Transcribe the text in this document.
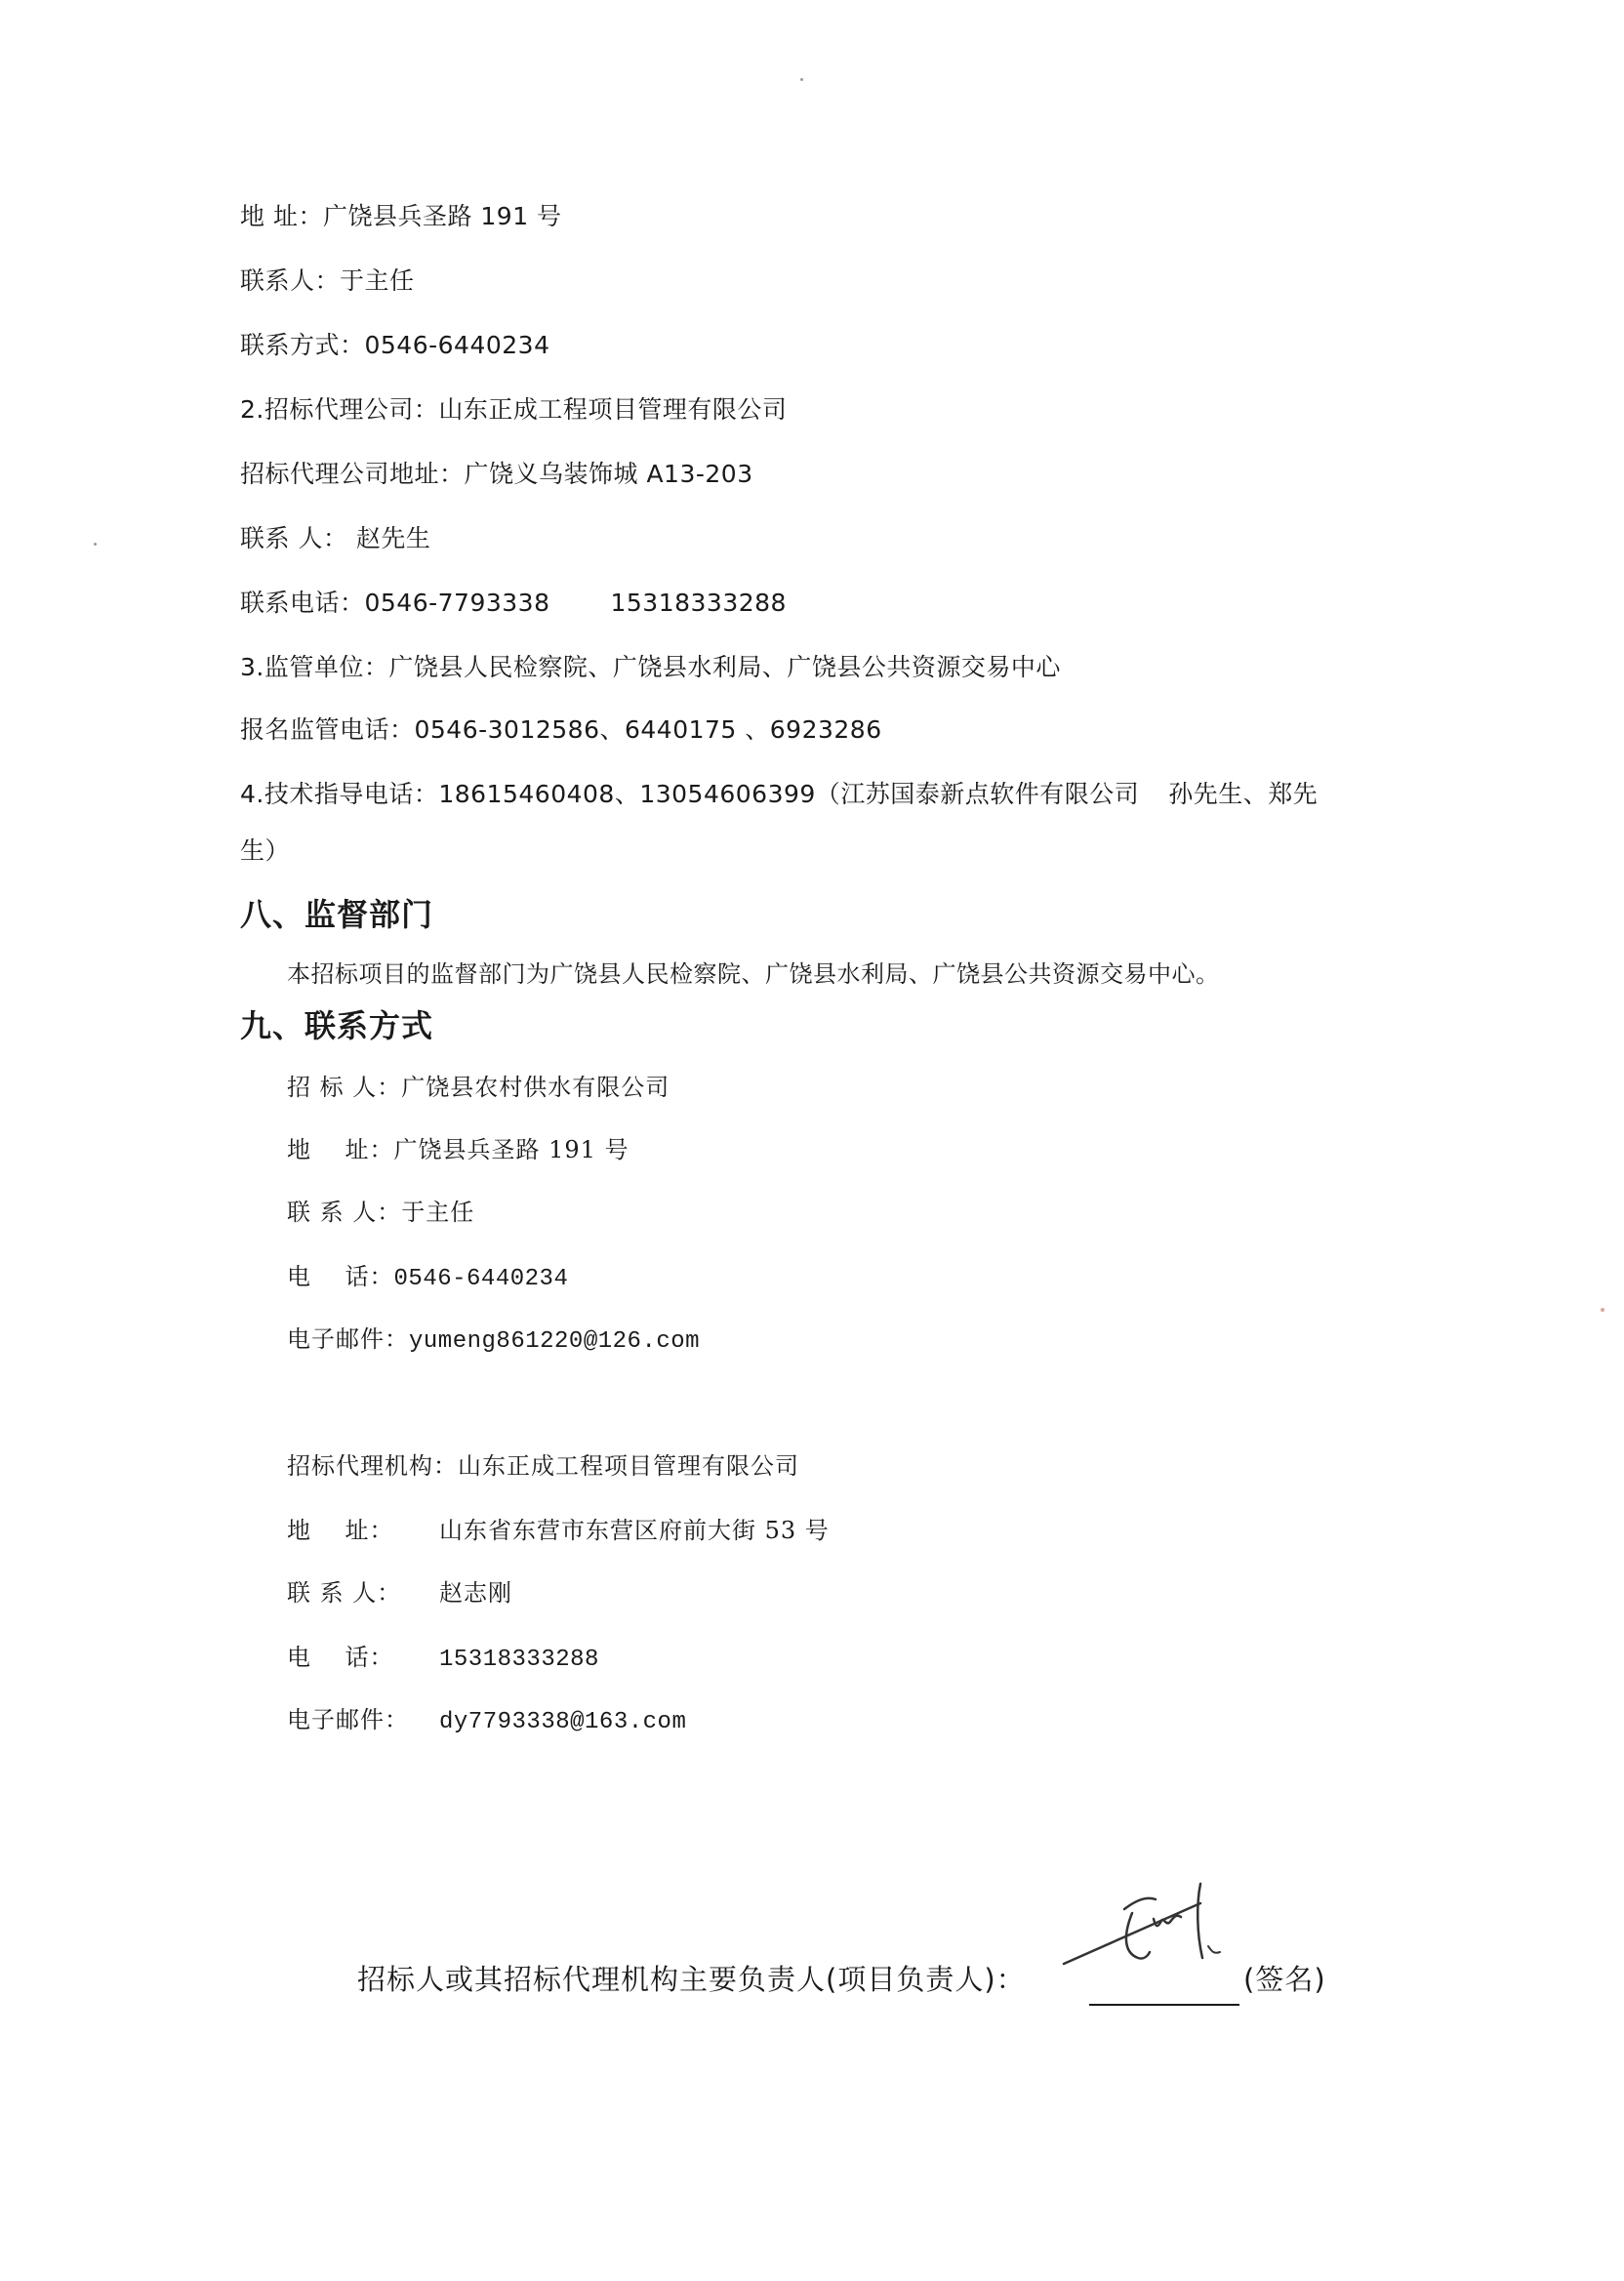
地 址：广饶县兵圣路 191 号
联系人：于主任
联系方式：0546-6440234
2.招标代理公司：山东正成工程项目管理有限公司
招标代理公司地址：广饶义乌装饰城 A13-203
联系 人： 赵先生
联系电话：0546-7793338 15318333288
3.监管单位：广饶县人民检察院、广饶县水利局、广饶县公共资源交易中心
报名监管电话：0546-3012586、6440175 、6923286
4.技术指导电话：18615460408、13054606399（江苏国泰新点软件有限公司 孙先生、郑先
生）
八、监督部门
本招标项目的监督部门为广饶县人民检察院、广饶县水利局、广饶县公共资源交易中心。
九、联系方式
招 标 人：广饶县农村供水有限公司
地    址：广饶县兵圣路 191 号
联 系 人：于主任
电    话：0546-6440234
电子邮件：yumeng861220@126.com
招标代理机构：山东正成工程项目管理有限公司
地    址： 山东省东营市东营区府前大街 53 号
联 系 人： 赵志刚
电    话： 15318333288
电子邮件： dy7793338@163.com
招标人或其招标代理机构主要负责人(项目负责人)：	(签名)
